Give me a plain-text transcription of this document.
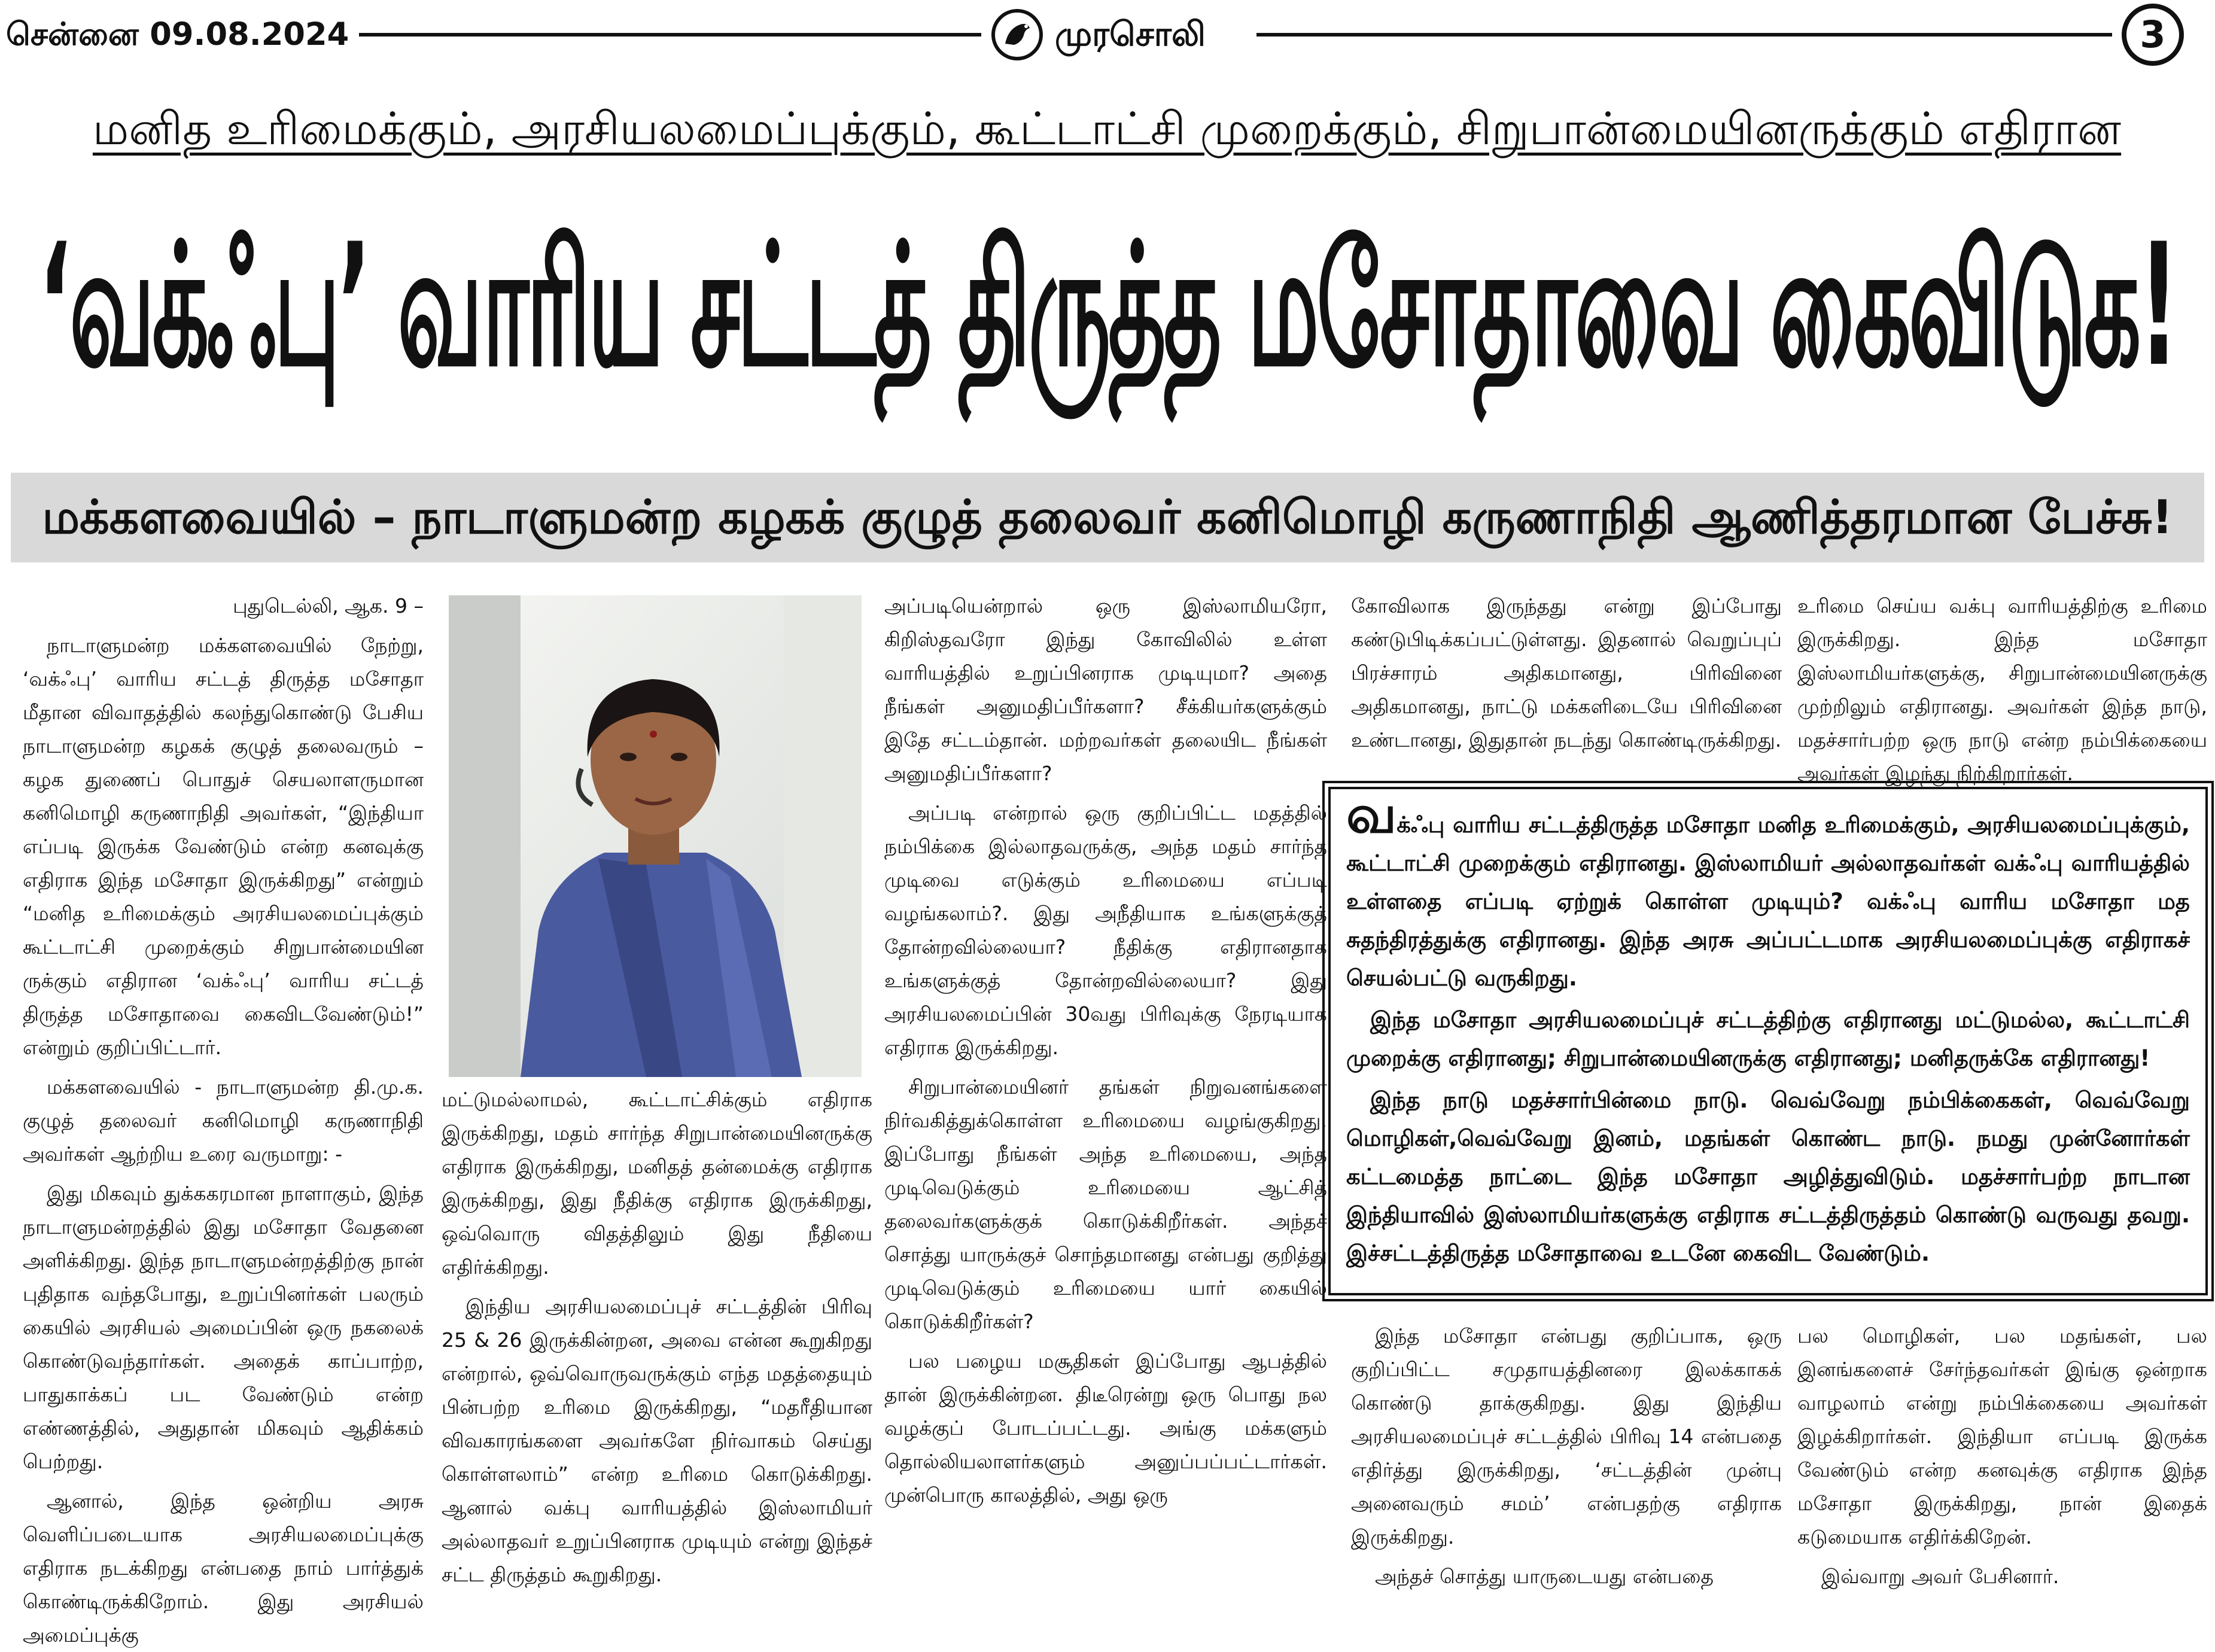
சென்னை 09.08.2024	முரசொலி	3
மனித உரிமைக்கும், அரசியலமைப்புக்கும், கூட்டாட்சி முறைக்கும், சிறுபான்மையினருக்கும் எதிரான
‘வக்ஃபு’ வாரிய சட்டத் திருத்த மசோதாவை கைவிடுக!
மக்களவையில் – நாடாளுமன்ற கழகக் குழுத் தலைவர் கனிமொழி கருணாநிதி ஆணித்தரமான பேச்சு!

புதுடெல்லி, ஆக. 9 –

நாடாளுமன்ற மக்களவையில் நேற்று, ‘வக்ஃபு’ வாரிய சட்டத் திருத்த மசோதா மீதான விவாதத்தில் கலந்துகொண்டு பேசிய நாடாளுமன்ற கழகக் குழுத் தலைவரும் – கழக துணைப் பொதுச் செயலாளருமான கனிமொழி கருணாநிதி அவர்கள், “இந்தியா எப்படி இருக்க வேண்டும் என்ற கனவுக்கு எதிராக இந்த மசோதா இருக்கிறது” என்றும் “மனித உரிமைக்கும் அரசியலமைப்புக்கும் கூட்டாட்சி முறைக்கும் சிறுபான்மையின ருக்கும் எதிரான ‘வக்ஃபு’ வாரிய சட்டத் திருத்த மசோதாவை கைவிடவேண்டும்!” என்றும் குறிப்பிட்டார்.

மக்களவையில் - நாடாளுமன்ற தி.மு.க. குழுத் தலைவர் கனிமொழி கருணாநிதி அவர்கள் ஆற்றிய உரை வருமாறு: -

இது மிகவும் துக்ககரமான நாளாகும், இந்த நாடாளுமன்றத்தில் இது மசோதா வேதனை அளிக்கிறது. இந்த நாடாளுமன்றத்திற்கு நான் புதிதாக வந்தபோது, உறுப்பினர்கள் பலரும் கையில் அரசியல் அமைப்பின் ஒரு நகலைக் கொண்டுவந்தார்கள். அதைக் காப்பாற்ற, பாதுகாக்கப் பட வேண்டும் என்ற எண்ணத்தில், அதுதான் மிகவும் ஆதிக்கம் பெற்றது.

ஆனால், இந்த ஒன்றிய அரசு வெளிப்படையாக அரசியலமைப்புக்கு எதிராக நடக்கிறது என்பதை நாம் பார்த்துக் கொண்டிருக்கிறோம். இது அரசியல் அமைப்புக்கு

மட்டுமல்லாமல், கூட்டாட்சிக்கும் எதிராக இருக்கிறது, மதம் சார்ந்த சிறுபான்மையினருக்கு எதிராக இருக்கிறது, மனிதத் தன்மைக்கு எதிராக இருக்கிறது, இது நீதிக்கு எதிராக இருக்கிறது, ஒவ்வொரு விதத்திலும் இது நீதியை எதிர்க்கிறது.

இந்திய அரசியலமைப்புச் சட்டத்தின் பிரிவு 25 & 26 இருக்கின்றன, அவை என்ன கூறுகிறது என்றால், ஒவ்வொருவருக்கும் எந்த மதத்தையும் பின்பற்ற உரிமை இருக்கிறது, “மதரீதியான விவகாரங்களை அவர்களே நிர்வாகம் செய்து கொள்ளலாம்” என்ற உரிமை கொடுக்கிறது. ஆனால் வக்பு வாரியத்தில் இஸ்லாமியர் அல்லாதவர் உறுப்பினராக முடியும் என்று இந்தச் சட்ட திருத்தம் கூறுகிறது.

அப்படியென்றால் ஒரு இஸ்லாமியரோ, கிறிஸ்தவரோ இந்து கோவிலில் உள்ள வாரியத்தில் உறுப்பினராக முடியுமா? அதை நீங்கள் அனுமதிப்பீர்களா? சீக்கியர்களுக்கும் இதே சட்டம்தான். மற்றவர்கள் தலையிட நீங்கள் அனுமதிப்பீர்களா?

அப்படி என்றால் ஒரு குறிப்பிட்ட மதத்தில் நம்பிக்கை இல்லாதவருக்கு, அந்த மதம் சார்ந்த முடிவை எடுக்கும் உரிமையை எப்படி வழங்கலாம்?. இது அநீதியாக உங்களுக்குத் தோன்றவில்லையா? நீதிக்கு எதிரானதாக உங்களுக்குத் தோன்றவில்லையா? இது அரசியலமைப்பின் 30வது பிரிவுக்கு நேரடியாக எதிராக இருக்கிறது.

சிறுபான்மையினர் தங்கள் நிறுவனங்களை நிர்வகித்துக்கொள்ள உரிமையை வழங்குகிறது. இப்போது நீங்கள் அந்த உரிமையை, அந்த முடிவெடுக்கும் உரிமையை ஆட்சித் தலைவர்களுக்குக் கொடுக்கிறீர்கள். அந்தச் சொத்து யாருக்குச் சொந்தமானது என்பது குறித்து முடிவெடுக்கும் உரிமையை யார் கையில் கொடுக்கிறீர்கள்?

பல பழைய மசூதிகள் இப்போது ஆபத்தில் தான் இருக்கின்றன. திடீரென்று ஒரு பொது நல வழக்குப் போடப்பட்டது. அங்கு மக்களும் தொல்லியலாளர்களும் அனுப்பப்பட்டார்கள். முன்பொரு காலத்தில், அது ஒரு

கோவிலாக இருந்தது என்று இப்போது கண்டுபிடிக்கப்பட்டுள்ளது. இதனால் வெறுப்புப் பிரச்சாரம் அதிகமானது, பிரிவினை அதிகமானது, நாட்டு மக்களிடையே பிரிவினை உண்டானது, இதுதான் நடந்து கொண்டிருக்கிறது.

உரிமை செய்ய வக்பு வாரியத்திற்கு உரிமை இருக்கிறது. இந்த மசோதா இஸ்லாமியர்களுக்கு, சிறுபான்மையினருக்கு முற்றிலும் எதிரானது. அவர்கள் இந்த நாடு, மதச்சார்பற்ற ஒரு நாடு என்ற நம்பிக்கையை அவர்கள் இழந்து நிற்கிறார்கள்.

வக்ஃபு வாரிய சட்டத்திருத்த மசோதா மனித உரிமைக்கும், அரசியலமைப்புக்கும், கூட்டாட்சி முறைக்கும் எதிரானது. இஸ்லாமியர் அல்லாதவர்கள் வக்ஃபு வாரியத்தில் உள்ளதை எப்படி ஏற்றுக் கொள்ள முடியும்? வக்ஃபு வாரிய மசோதா மத சுதந்திரத்துக்கு எதிரானது. இந்த அரசு அப்பட்டமாக அரசியலமைப்புக்கு எதிராகச் செயல்பட்டு வருகிறது.

இந்த மசோதா அரசியலமைப்புச் சட்டத்திற்கு எதிரானது மட்டுமல்ல, கூட்டாட்சி முறைக்கு எதிரானது; சிறுபான்மையினருக்கு எதிரானது; மனிதருக்கே எதிரானது!

இந்த நாடு மதச்சார்பின்மை நாடு. வெவ்வேறு நம்பிக்கைகள், வெவ்வேறு மொழிகள்,வெவ்வேறு இனம், மதங்கள் கொண்ட நாடு. நமது முன்னோர்கள் கட்டமைத்த நாட்டை இந்த மசோதா அழித்துவிடும். மதச்சார்பற்ற நாடான இந்தியாவில் இஸ்லாமியர்களுக்கு எதிராக சட்டத்திருத்தம் கொண்டு வருவது தவறு. இச்சட்டத்திருத்த மசோதாவை உடனே கைவிட வேண்டும்.

இந்த மசோதா என்பது குறிப்பாக, ஒரு குறிப்பிட்ட சமுதாயத்தினரை இலக்காகக் கொண்டு தாக்குகிறது. இது இந்திய அரசியலமைப்புச் சட்டத்தில் பிரிவு 14 என்பதை எதிர்த்து இருக்கிறது, ‘சட்டத்தின் முன்பு அனைவரும் சமம்’ என்பதற்கு எதிராக இருக்கிறது.

அந்தச் சொத்து யாருடையது என்பதை

பல மொழிகள், பல மதங்கள், பல இனங்களைச் சேர்ந்தவர்கள் இங்கு ஒன்றாக வாழலாம் என்று நம்பிக்கையை அவர்கள் இழக்கிறார்கள். இந்தியா எப்படி இருக்க வேண்டும் என்ற கனவுக்கு எதிராக இந்த மசோதா இருக்கிறது, நான் இதைக் கடுமையாக எதிர்க்கிறேன்.

இவ்வாறு அவர் பேசினார்.
